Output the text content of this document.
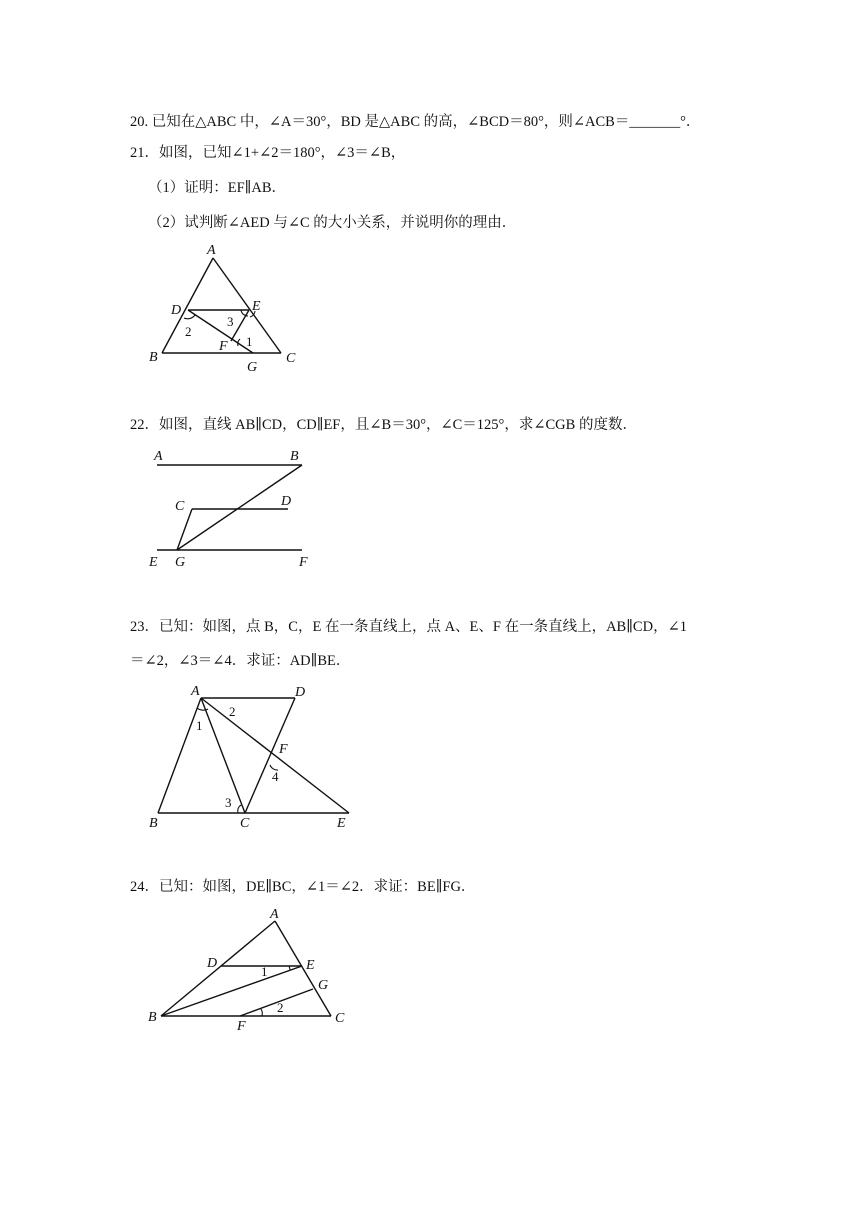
20. 已知在△ABC 中，∠A＝30°，BD 是△ABC 的高，∠BCD＝80°，则∠ACB＝_______°．
21．如图，已知∠1+∠2＝180°，∠3＝∠B，
（1）证明：EF∥AB．
（2）试判断∠AED 与∠C 的大小关系，并说明你的理由．
A
D	E
B	C
G
F
2
3
1
22．如图，直线 AB∥CD，CD∥EF，且∠B＝30°，∠C＝125°，求∠CGB 的度数．
A	B
C	D
E G	F
23．已知：如图，点 B，C，E 在一条直线上，点 A、E、F 在一条直线上，AB∥CD，∠1
＝∠2，∠3＝∠4．求证：AD∥BE．
A	D
F
B	C	E
1
2
3
4
24．已知：如图，DE∥BC，∠1＝∠2．求证：BE∥FG．
A
D	E
G
B
F
C
1
2
